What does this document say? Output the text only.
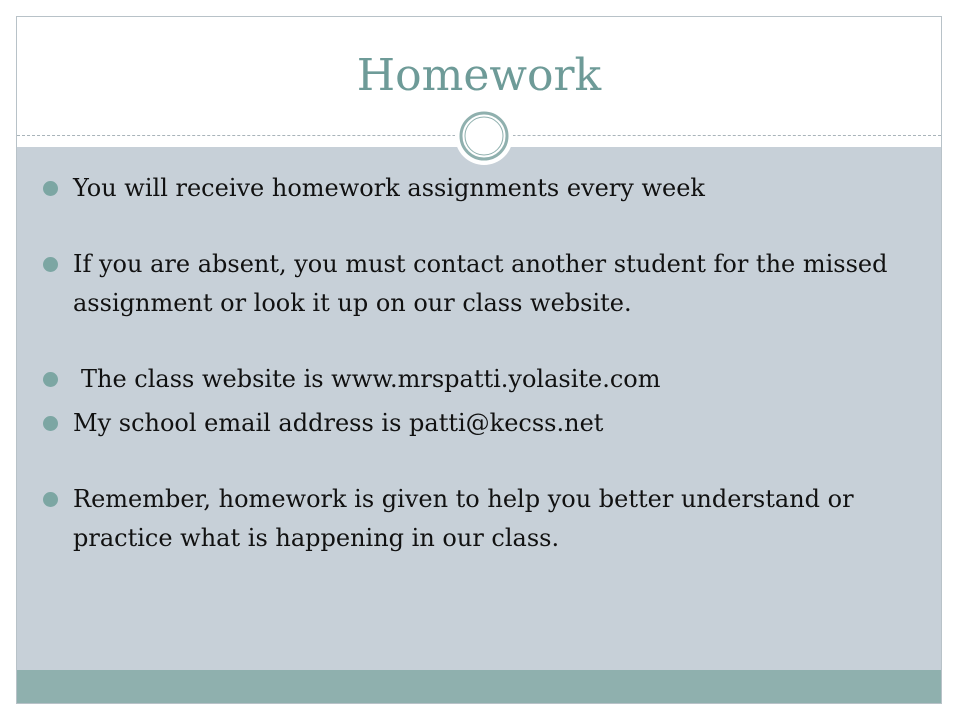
Homework
You will receive homework assignments every week
If you are absent, you must contact another student for the missed assignment or look it up on our class website.
The class website is www.mrspatti.yolasite.com
My school email address is patti@kecss.net
Remember, homework is given to help you better understand or practice what is happening in our class.
